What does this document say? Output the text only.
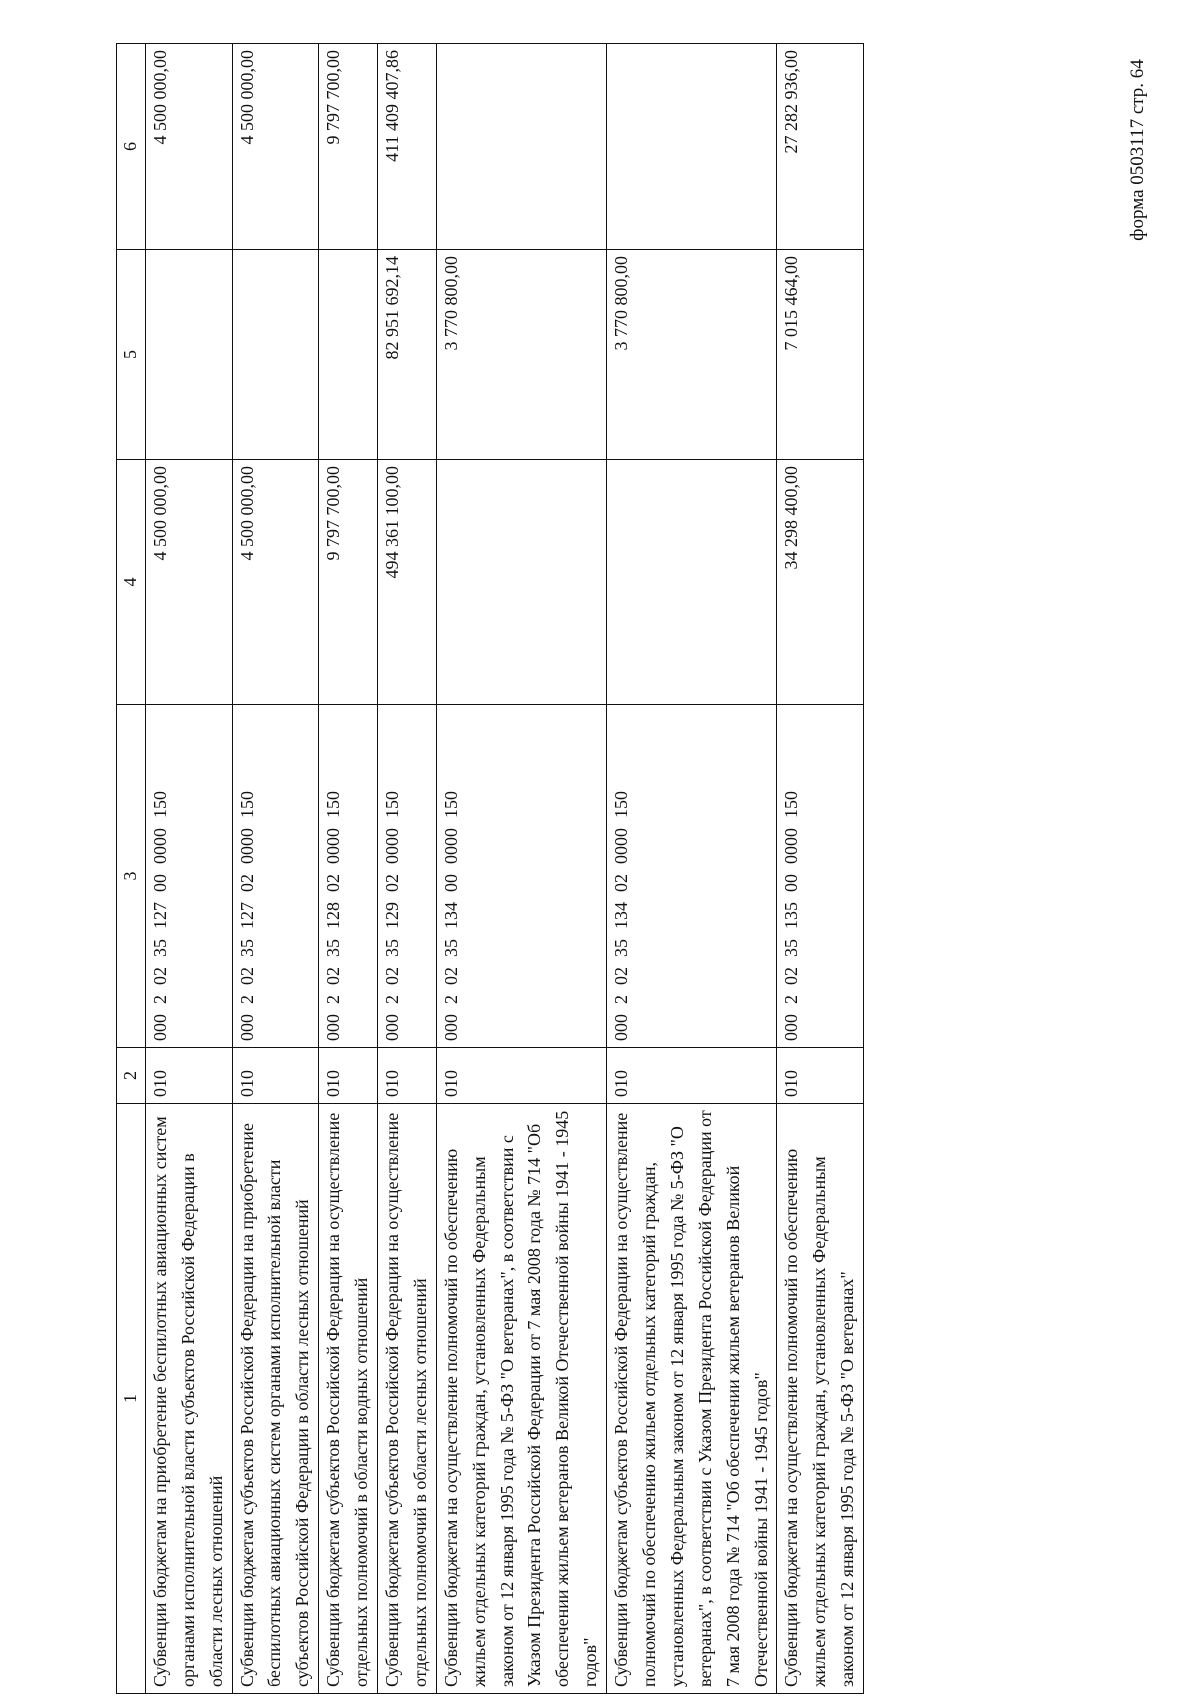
форма 0503117 стр. 64
1	2	3	4	5	6
Субвенции бюджетам на приобретение беспилотных авиационных систем органами исполнительной власти субъектов Российской Федерации в области лесных отношений	010	00020235127000000150	4 500 000,00		4 500 000,00
Субвенции бюджетам субъектов Российской Федерации на приобретение беспилотных авиационных систем органами исполнительной власти субъектов Российской Федерации в области лесных отношений	010	00020235127020000150	4 500 000,00		4 500 000,00
Субвенции бюджетам субъектов Российской Федерации на осуществление отдельных полномочий в области водных отношений	010	00020235128020000150	9 797 700,00		9 797 700,00
Субвенции бюджетам субъектов Российской Федерации на осуществление отдельных полномочий в области лесных отношений	010	00020235129020000150	494 361 100,00	82 951 692,14	411 409 407,86
Субвенции бюджетам на осуществление полномочий по обеспечению жильем отдельных категорий граждан, установленных Федеральным законом от 12 января 1995 года № 5-ФЗ "О ветеранах", в соответствии с Указом Президента Российской Федерации от 7 мая 2008 года № 714 "Об обеспечении жильем ветеранов Великой Отечественной войны 1941 - 1945 годов"	010	00020235134000000150		3 770 800,00	
Субвенции бюджетам субъектов Российской Федерации на осуществление полномочий по обеспечению жильем отдельных категорий граждан, установленных Федеральным законом от 12 января 1995 года № 5-ФЗ "О ветеранах", в соответствии с Указом Президента Российской Федерации от 7 мая 2008 года № 714 "Об обеспечении жильем ветеранов Великой Отечественной войны 1941 - 1945 годов"	010	00020235134020000150		3 770 800,00	
Субвенции бюджетам на осуществление полномочий по обеспечению жильем отдельных категорий граждан, установленных Федеральным законом от 12 января 1995 года № 5-ФЗ "О ветеранах"	010	00020235135000000150	34 298 400,00	7 015 464,00	27 282 936,00
